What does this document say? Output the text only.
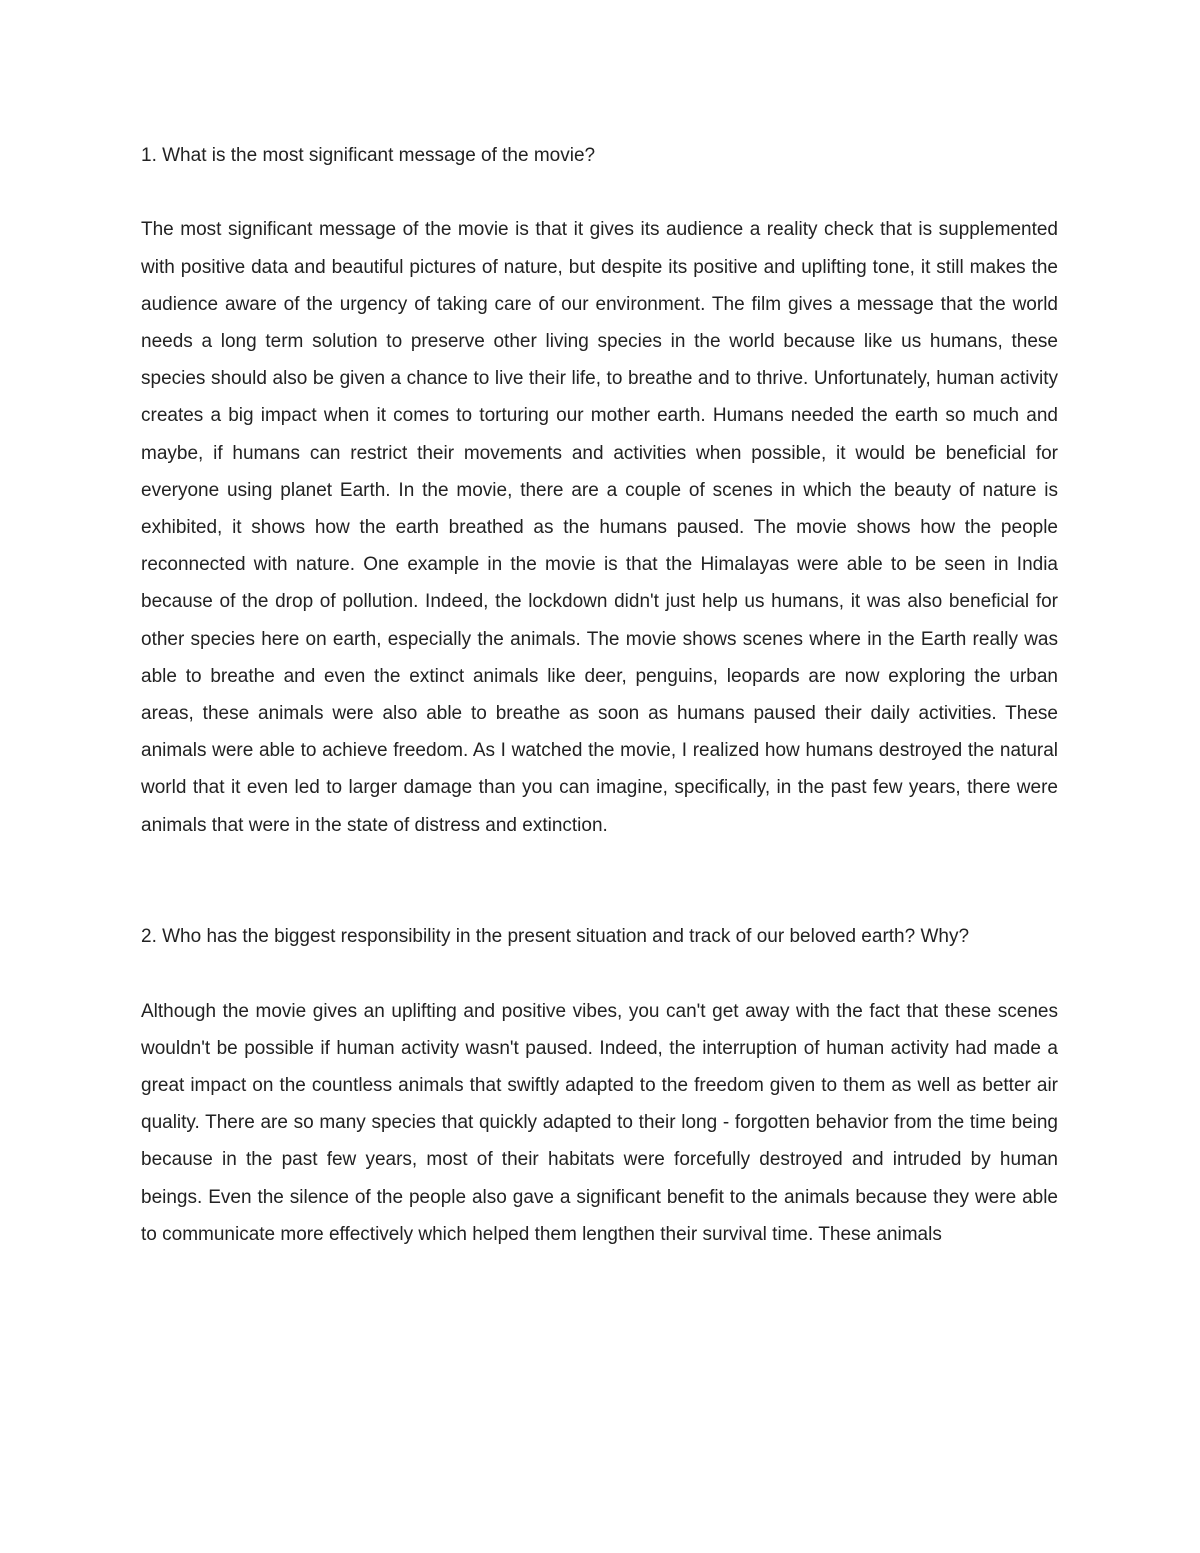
1. What is the most significant message of the movie?

The most significant message of the movie is that it gives its audience a reality check that is supplemented with positive data and beautiful pictures of nature, but despite its positive and uplifting tone, it still makes the audience aware of the urgency of taking care of our environment. The film gives a message that the world needs a long term solution to preserve other living species in the world because like us humans, these species should also be given a chance to live their life, to breathe and to thrive. Unfortunately, human activity creates a big impact when it comes to torturing our mother earth. Humans needed the earth so much and maybe, if humans can restrict their movements and activities when possible, it would be beneficial for everyone using planet Earth. In the movie, there are a couple of scenes in which the beauty of nature is exhibited, it shows how the earth breathed as the humans paused. The movie shows how the people reconnected with nature. One example in the movie is that the Himalayas were able to be seen in India because of the drop of pollution. Indeed, the lockdown didn't just help us humans, it was also beneficial for other species here on earth, especially the animals. The movie shows scenes where in the Earth really was able to breathe and even the extinct animals like deer, penguins, leopards are now exploring the urban areas, these animals were also able to breathe as soon as humans paused their daily activities. These animals were able to achieve freedom. As I watched the movie, I realized how humans destroyed the natural world that it even led to larger damage than you can imagine, specifically, in the past few years, there were animals that were in the state of distress and extinction.

2. Who has the biggest responsibility in the present situation and track of our beloved earth? Why?

Although the movie gives an uplifting and positive vibes, you can't get away with the fact that these scenes wouldn't be possible if human activity wasn't paused. Indeed, the interruption of human activity had made a great impact on the countless animals that swiftly adapted to the freedom given to them as well as better air quality. There are so many species that quickly adapted to their long - forgotten behavior from the time being because in the past few years, most of their habitats were forcefully destroyed and intruded by human beings. Even the silence of the people also gave a significant benefit to the animals because they were able to communicate more effectively which helped them lengthen their survival time. These animals
